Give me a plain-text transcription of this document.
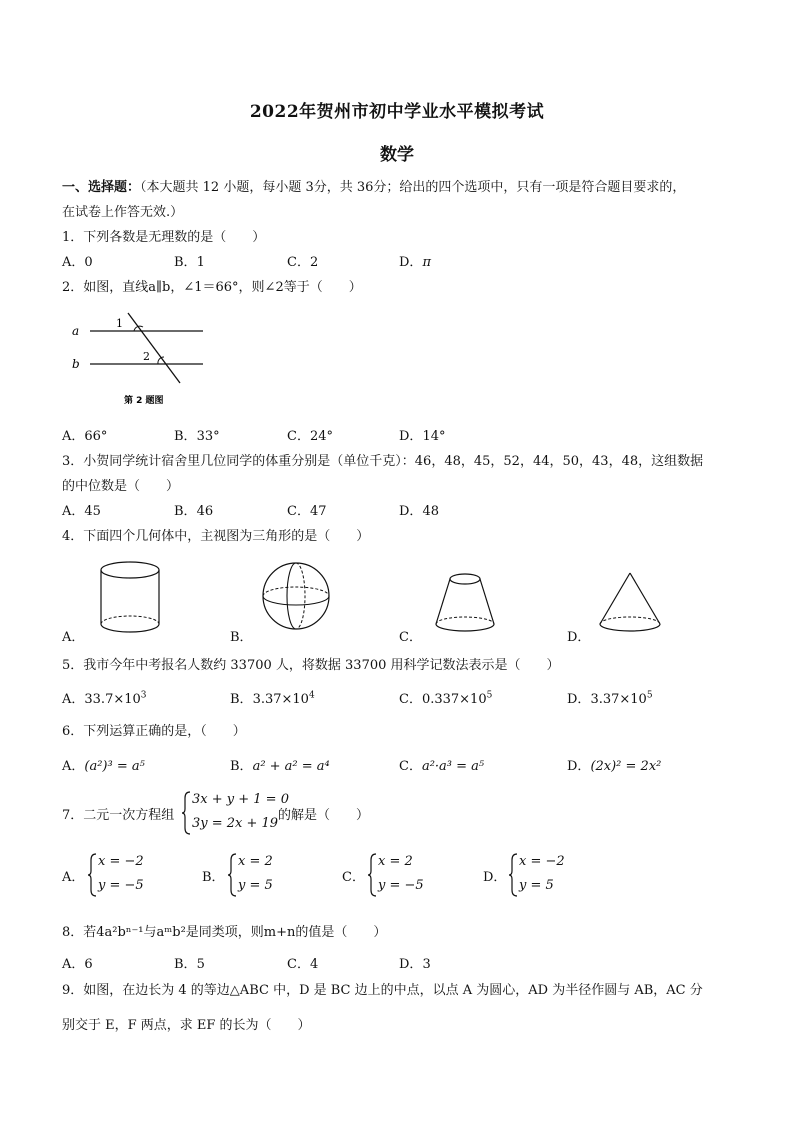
2022年贺州市初中学业水平模拟考试
数学
一、选择题：（本大题共 12 小题，每小题 3分，共 36分；给出的四个选项中，只有一项是符合题目要求的，
在试卷上作答无效.）
1．下列各数是无理数的是（　　）
A．0	B．1	C．2	D．π
2．如图，直线a∥b，∠1＝66°，则∠2等于（　　）
a
b
1
2
第 2 题图
A．66°	B．33°	C．24°	D．14°
3．小贺同学统计宿舍里几位同学的体重分别是（单位千克）：46，48，45，52，44，50，43，48，这组数据
的中位数是（　　）
A．45	B．46	C．47	D．48
4．下面四个几何体中，主视图为三角形的是（　　）
A．	B．	C．	D．
5．我市今年中考报名人数约 33700 人，将数据 33700 用科学记数法表示是（　　）
A．$33.7\times 10^3$	B．$3.37\times 10^4$	C．$0.337\times 10^5$	D．$3.37\times 10^5$
6．下列运算正确的是，（　　）
A．(a²)³ = a⁵	B．a² + a² = a⁴	C．a²·a³ = a⁵	D．(2x)² = 2x²
7．二元一次方程组
3x + y + 1 = 0
3y = 2x + 19
的解是（　　）
A．
x = −2
y = −5
B．
x = 2
y = 5
C．
x = 2
y = −5
D．
x = −2
y = 5
8．若4a²bⁿ⁻¹与aᵐb²是同类项，则m+n的值是（　　）
A．6	B．5	C．4	D．3
9．如图，在边长为 4 的等边△ABC 中，D 是 BC 边上的中点，以点 A 为圆心，AD 为半径作圆与 AB，AC 分
别交于 E，F 两点，求 EF 的长为（　　）
